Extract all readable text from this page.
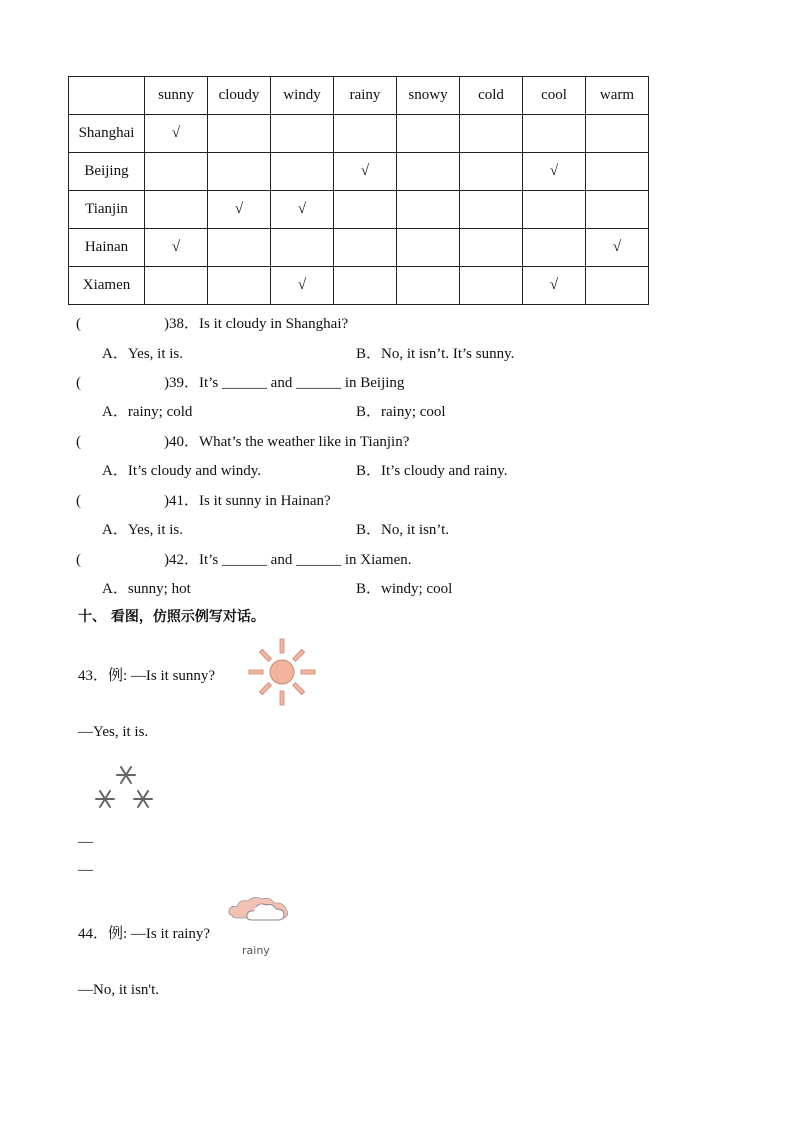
	sunny	cloudy	windy	rainy	snowy	cold	cool	warm
Shanghai	√							
Beijing				√			√	
Tianjin		√	√					
Hainan	√							√
Xiamen			√				√	
(	)38．Is it cloudy in Shanghai?
A．Yes, it is.	B．No, it isn’t. It’s sunny.
(	)39．It’s ______ and ______ in Beijing
A．rainy; cold	B．rainy; cool
(	)40．What’s the weather like in Tianjin?
A．It’s cloudy and windy.	B．It’s cloudy and rainy.
(	)41．Is it sunny in Hainan?
A．Yes, it is.	B．No, it isn’t.
(	)42．It’s ______ and ______ in Xiamen.
A．sunny; hot	B．windy; cool
十、 看图，仿照示例写对话。
43．例: —Is it sunny?
—Yes, it is.
—
—
44．例: —Is it rainy?
rainy
—No, it isn't.
